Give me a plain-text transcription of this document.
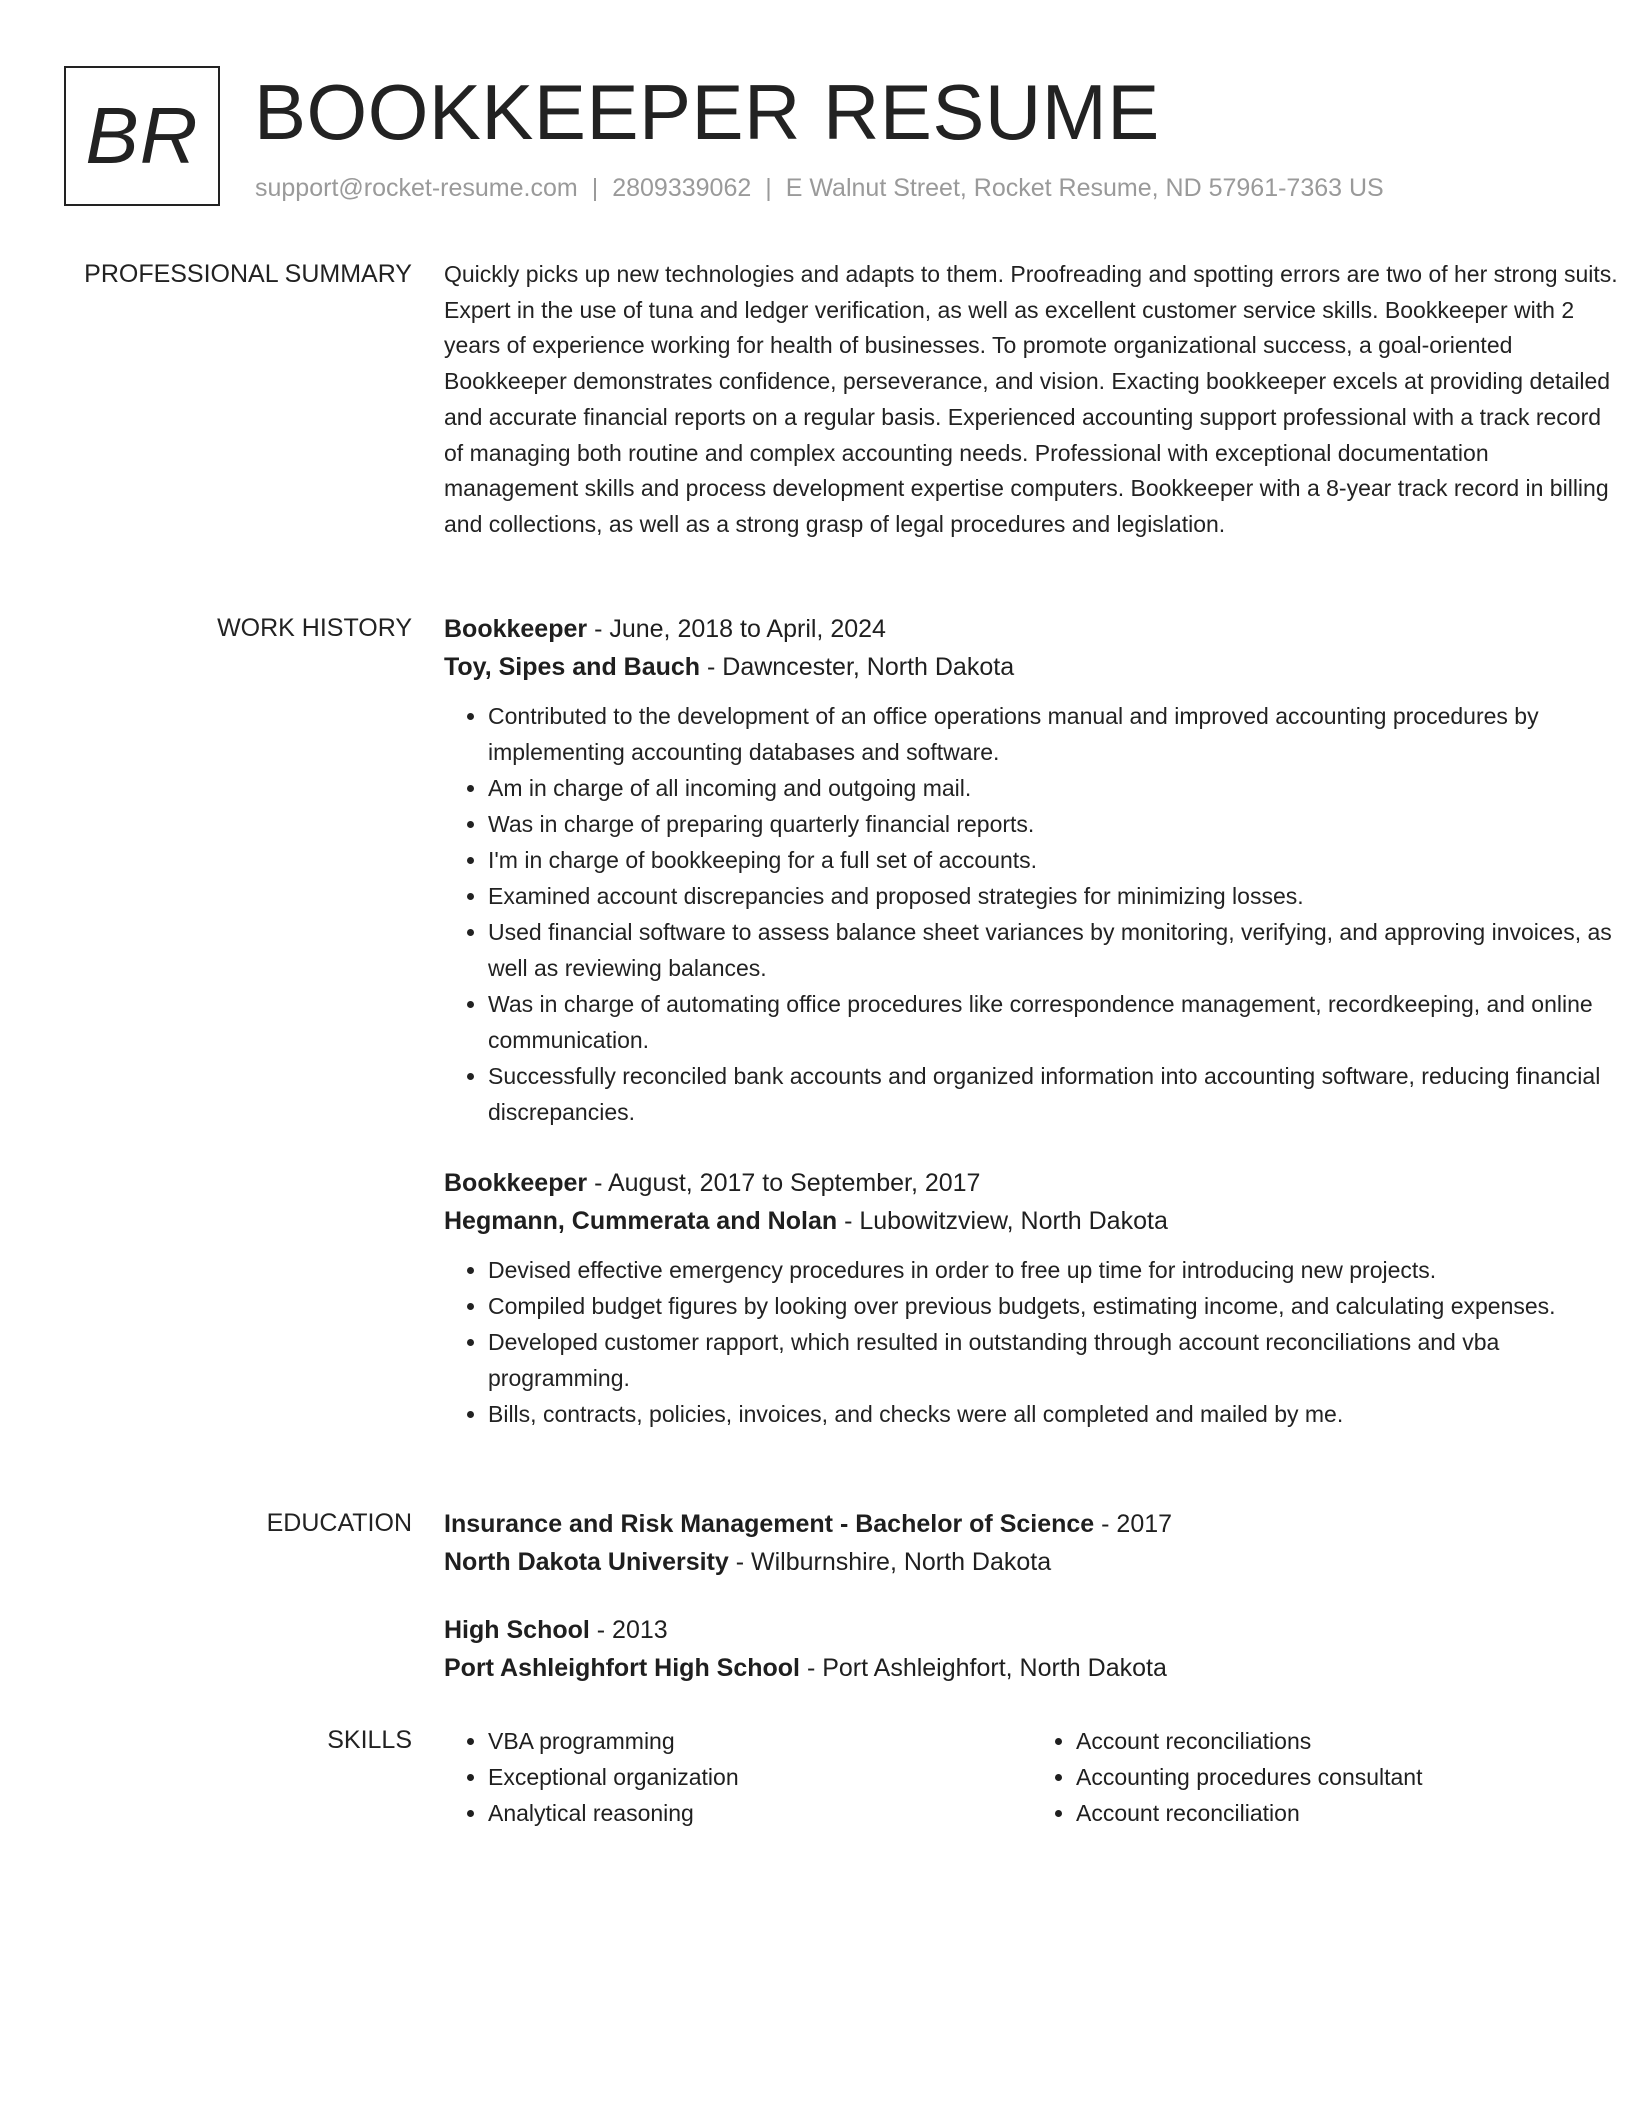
BR BOOKKEEPER RESUME
support@rocket-resume.com | 2809339062 | E Walnut Street, Rocket Resume, ND 57961-7363 US
PROFESSIONAL SUMMARY Quickly picks up new technologies and adapts to them. Proofreading and spotting errors are two of her strong suits. Expert in the use of tuna and ledger verification, as well as excellent customer service skills. Bookkeeper with 2 years of experience working for health of businesses. To promote organizational success, a goal-oriented Bookkeeper demonstrates confidence, perseverance, and vision. Exacting bookkeeper excels at providing detailed and accurate financial reports on a regular basis. Experienced accounting support professional with a track record of managing both routine and complex accounting needs. Professional with exceptional documentation management skills and process development expertise computers. Bookkeeper with a 8-year track record in billing and collections, as well as a strong grasp of legal procedures and legislation.

WORK HISTORY Bookkeeper - June, 2018 to April, 2024

Toy, Sipes and Bauch - Dawncester, North Dakota

• Contributed to the development of an office operations manual and improved accounting procedures by implementing accounting databases and software.
• Am in charge of all incoming and outgoing mail.
• Was in charge of preparing quarterly financial reports.
• I'm in charge of bookkeeping for a full set of accounts.
• Examined account discrepancies and proposed strategies for minimizing losses.
• Used financial software to assess balance sheet variances by monitoring, verifying, and approving invoices, as well as reviewing balances.
• Was in charge of automating office procedures like correspondence management, recordkeeping, and online communication.
• Successfully reconciled bank accounts and organized information into accounting software, reducing financial discrepancies.

Bookkeeper - August, 2017 to September, 2017

Hegmann, Cummerata and Nolan - Lubowitzview, North Dakota

• Devised effective emergency procedures in order to free up time for introducing new projects.
• Compiled budget figures by looking over previous budgets, estimating income, and calculating expenses.
• Developed customer rapport, which resulted in outstanding through account reconciliations and vba programming.
• Bills, contracts, policies, invoices, and checks were all completed and mailed by me.
EDUCATION Insurance and Risk Management - Bachelor of Science - 2017

North Dakota University - Wilburnshire, North Dakota

High School - 2013

Port Ashleighfort High School - Port Ashleighfort, North Dakota

SKILLS
•	VBA programming
• Exceptional organization
• Analytical reasoning
• Account reconciliations
• Accounting procedures consultant
• Account reconciliation
